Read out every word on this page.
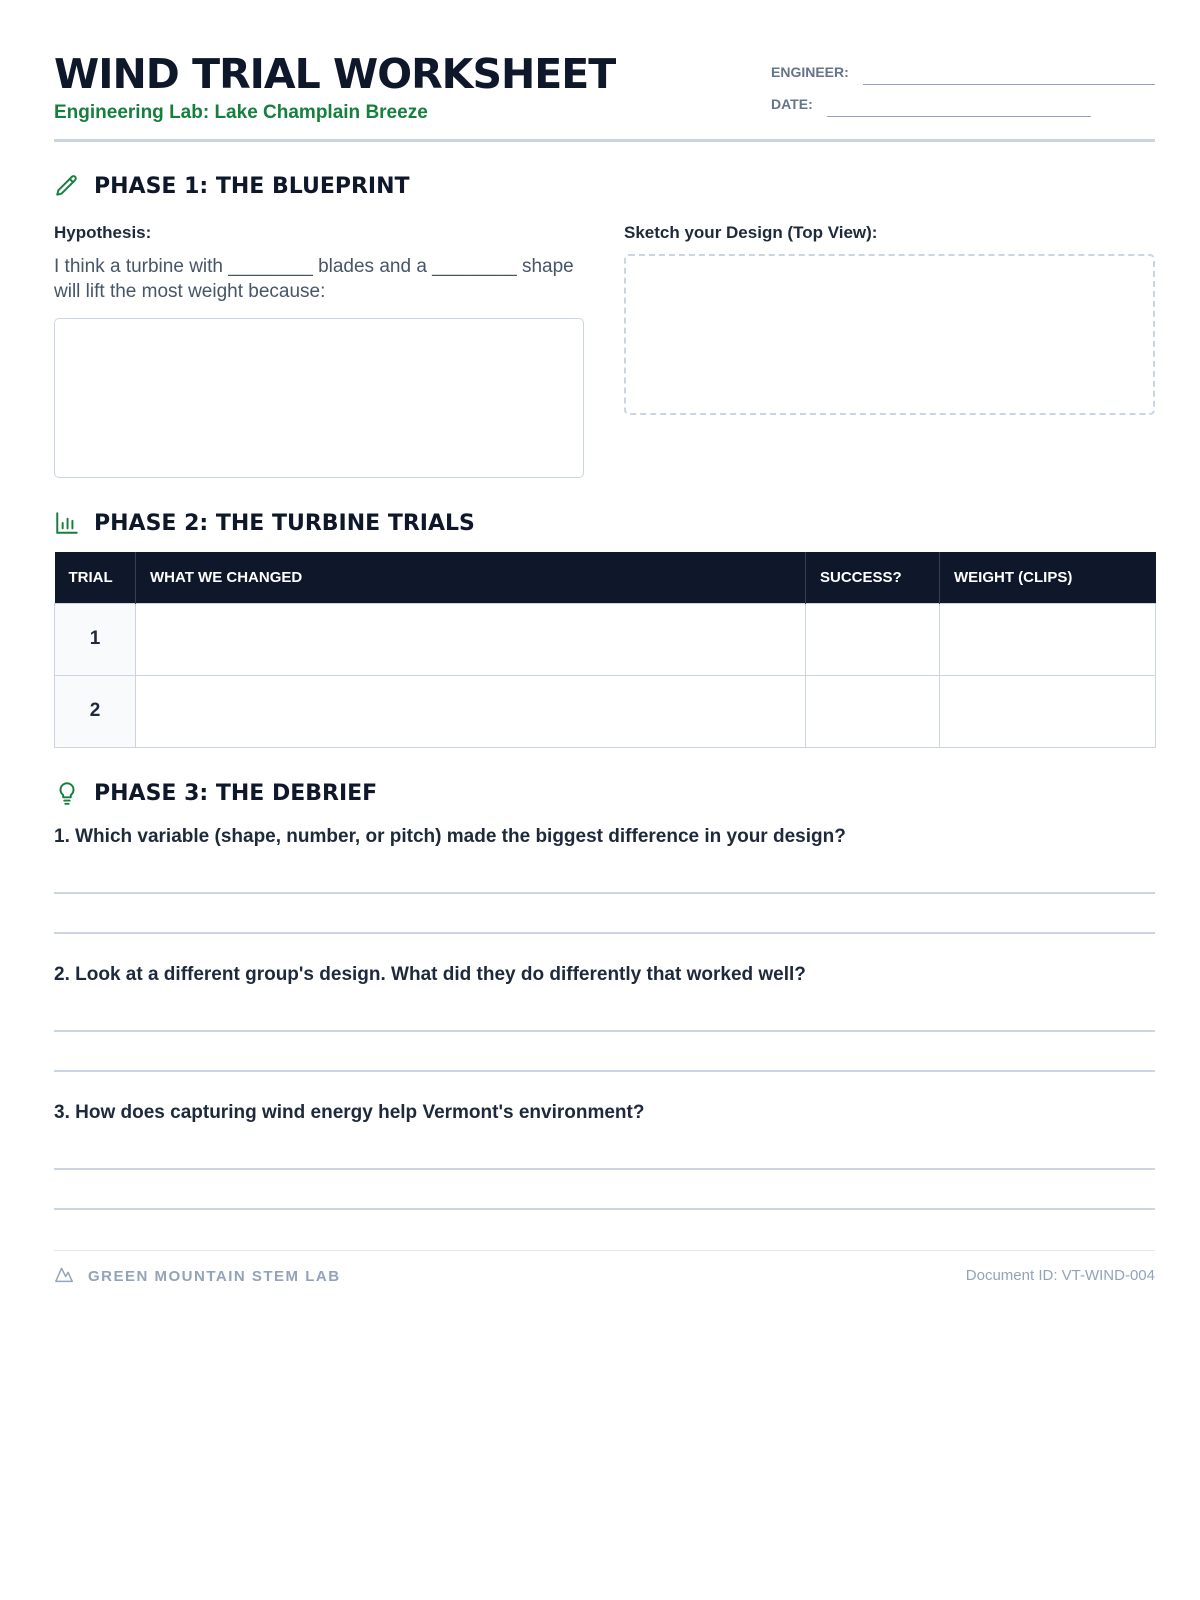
WIND TRIAL WORKSHEET
Engineering Lab: Lake Champlain Breeze
ENGINEER:
DATE:
PHASE 1: THE BLUEPRINT
Hypothesis:
I think a turbine with ________ blades and a ________ shape will lift the most weight because:
Sketch your Design (Top View):
PHASE 2: THE TURBINE TRIALS
TRIAL	WHAT WE CHANGED	SUCCESS?	WEIGHT (CLIPS)
1			
2			
PHASE 3: THE DEBRIEF
1. Which variable (shape, number, or pitch) made the biggest difference in your design?
2. Look at a different group's design. What did they do differently that worked well?
3. How does capturing wind energy help Vermont's environment?
GREEN MOUNTAIN STEM LAB	Document ID: VT-WIND-004
